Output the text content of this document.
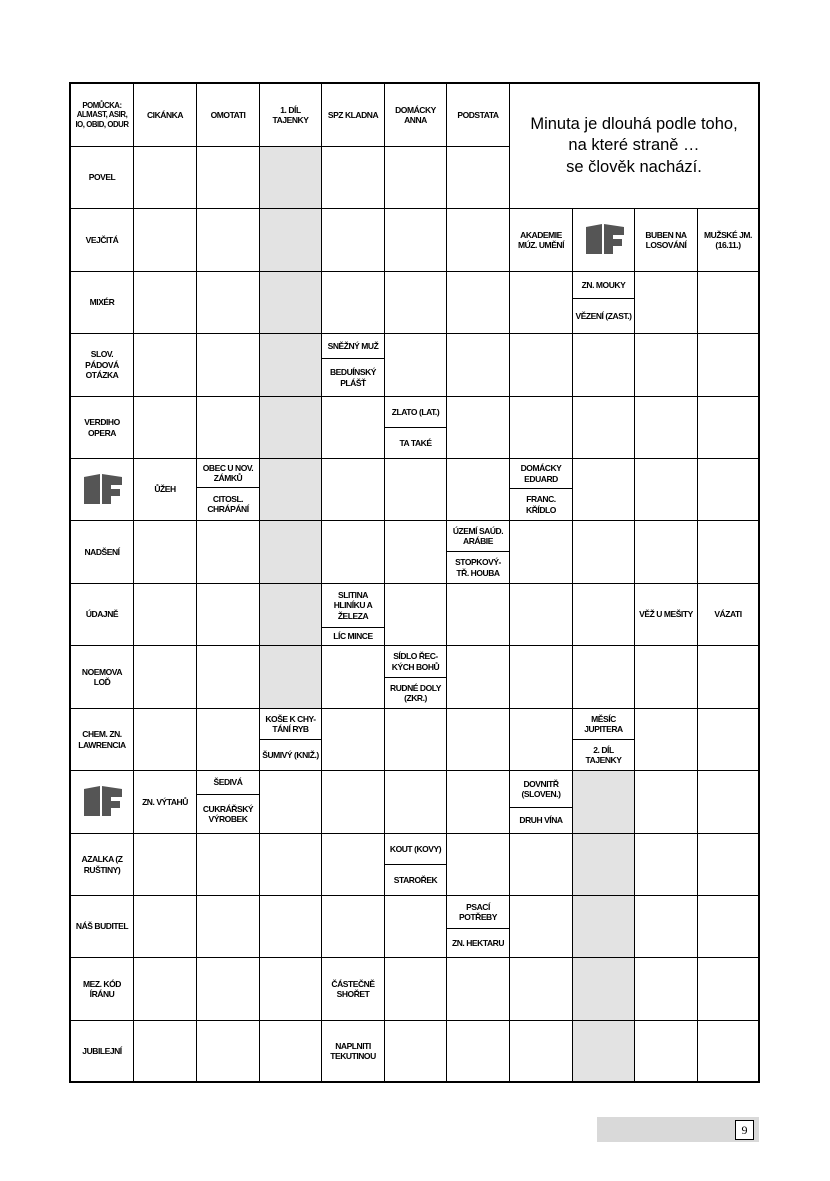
POMŮCKA: ALMAST, ASIR, IO, OBID, ODUR
CIKÁNKA	OMOTATI
1. DÍL TAJENKY
SPZ KLADNA
DOMÁCKY ANNA
PODSTATA
Minuta je dlouhá podle toho,
na které straně …
se člověk nachází.
POVEL
VEJČITÁ
MIXÉR
SLOV. PÁDOVÁ OTÁZKA
VERDIHO OPERA
NADŠENÍ
ÚDAJNĚ
NOEMOVA LOĎ
CHEM. ZN. LAWRENCIA
AZALKA (Z RUŠTINY)
NÁŠ BUDITEL
MEZ. KÓD ÍRÁNU
JUBILEJNÍ
AKADEMIE MÚZ. UMĚNÍ
BUBEN NA LOSOVÁNÍ
MUŽSKÉ JM. (16.11.)
ZN. MOUKY
VĚZENÍ (ZAST.)
SNĚŽNÝ MUŽ
BEDUÍNSKÝ PLÁŠŤ
ZLATO (LAT.)
TA TAKÉ
ŮŽEH
OBEC U NOV. ZÁMKŮ
CITOSL. CHRÁPÁNÍ
DOMÁCKY EDUARD
FRANC. KŘÍDLO
ÚZEMÍ SAÚD. ARÁBIE
STOPKOVÝ- TŘ. HOUBA
SLITINA HLINÍKU A ŽELEZA
LÍC MINCE
VĚŽ U MEŠITY	VÁZATI
SÍDLO ŘEC- KÝCH BOHŮ
RUDNÉ DOLY (ZKR.)
KOŠE K CHY- TÁNÍ RYB
ŠUMIVÝ (KNIŽ.)
MĚSÍC JUPITERA
2. DÍL TAJENKY
ZN. VÝTAHŮ
ŠEDIVÁ
CUKRÁŘSKÝ VÝROBEK
DOVNITŘ (SLOVEN.)
DRUH VÍNA
KOUT (KOVY)
STAROŘEK
PSACÍ POTŘEBY
ZN. HEKTARU
ČÁSTEČNĚ SHOŘET
NAPLNITI TEKUTINOU
9
